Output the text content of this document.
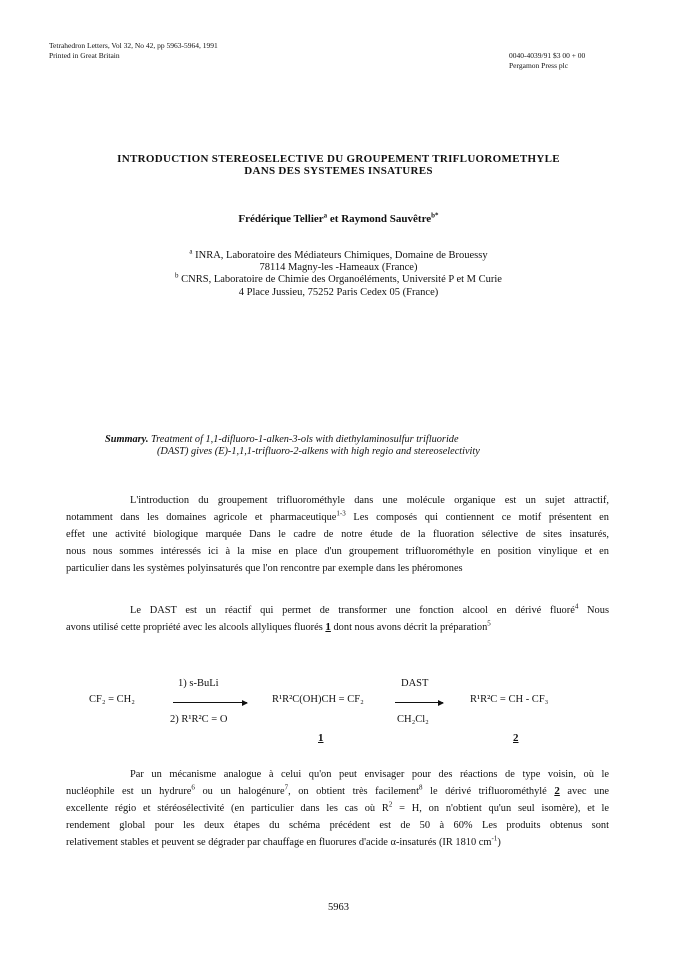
Tetrahedron Letters, Vol 32, No 42, pp 5963-5964, 1991
Printed in Great Britain	0040-4039/91 $3 00 + 00
Pergamon Press plc
INTRODUCTION STEREOSELECTIVE DU GROUPEMENT TRIFLUOROMETHYLE
DANS DES SYSTEMES INSATURES
Frédérique Tellier$^a$ et Raymond Sauvêtre$^{b*}$
$^a$ INRA, Laboratoire des Médiateurs Chimiques, Domaine de Brouessy
78114 Magny-les -Hameaux (France)
$^b$ CNRS, Laboratoire de Chimie des Organoéléments, Université P et M Curie
4 Place Jussieu, 75252 Paris Cedex 05 (France)
Summary. Treatment of 1,1-difluoro-1-alken-3-ols with diethylaminosulfur trifluoride
(DAST) gives (E)-1,1,1-trifluoro-2-alkens with high regio and stereoselectivity
L'introduction du groupement trifluorométhyle dans une molécule organique est un sujet attractif,
notamment dans les domaines agricole et pharmaceutique$^{1-3}$ Les composés qui contiennent ce motif présentent en
effet une activité biologique marquée Dans le cadre de notre étude de la fluoration sélective de sites insaturés,
nous nous sommes intéressés ici à la mise en place d'un groupement trifluorométhyle en position vinylique et en
particulier dans les systèmes polyinsaturés que l'on rencontre par exemple dans les phéromones
Le DAST est un réactif qui permet de transformer une fonction alcool en dérivé fluoré$^4$ Nous
avons utilisé cette propriété avec les alcools allyliques fluorés 1 dont nous avons décrit la préparation$^5$
CF₂ = CH₂
1) s-BuLi
2) R¹R²C = O
R¹R²C(OH)CH = CF₂
1
DAST
CH₂Cl₂
R¹R²C = CH - CF₃
2
Par un mécanisme analogue à celui qu'on peut envisager pour des réactions de type voisin, où le
nucléophile est un hydrure$^6$ ou un halogénure$^7$, on obtient très facilement$^8$ le dérivé trifluorométhylé 2 avec une
excellente régio et stéréosélectivité (en particulier dans les cas où $R^2 = H$, on n'obtient qu'un seul isomère), et le
rendement global pour les deux étapes du schéma précédent est de 50 à 60% Les produits obtenus sont
relativement stables et peuvent se dégrader par chauffage en fluorures d'acide α-insaturés (IR 1810 $cm^{-1}$)
5963
